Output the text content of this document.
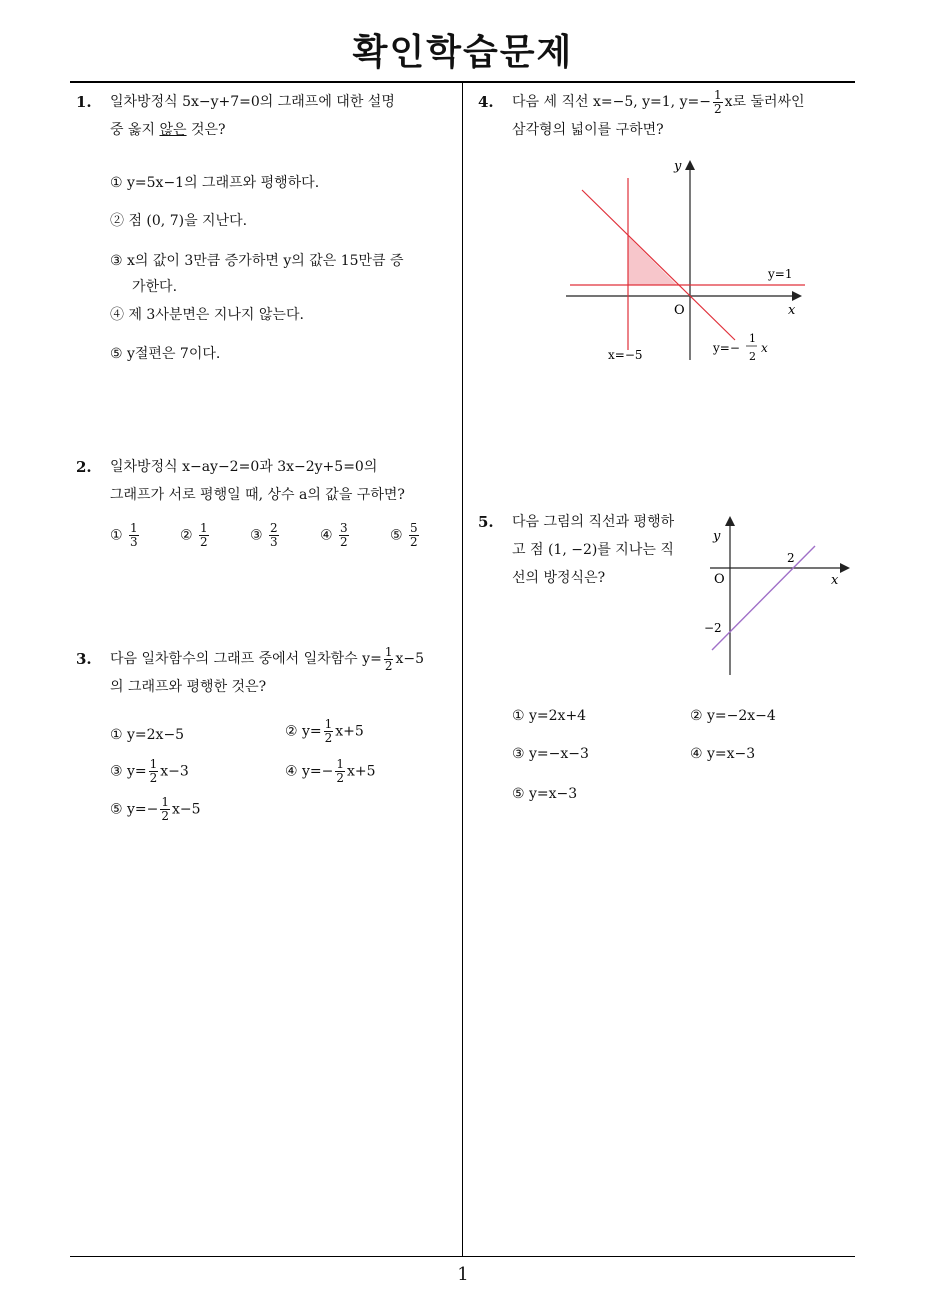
확인학습문제
1
1. 일차방정식 5x−y+7=0의 그래프에 대한 설명
중 옳지 않은 것은?
① y=5x−1의 그래프와 평행하다.
② 점 (0, 7)을 지난다.
③ x의 값이 3만큼 증가하면 y의 값은 15만큼 증
가한다.
④ 제 3사분면은 지나지 않는다.
⑤ y절편은 7이다.
2. 일차방정식 x−ay−2=0과 3x−2y+5=0의
그래프가 서로 평행일 때, 상수 a의 값을 구하면?
① $\frac{1}{3}$	② $\frac{1}{2}$	③ $\frac{2}{3}$	④ $\frac{3}{2}$	⑤ $\frac{5}{2}$
3. 다음 일차함수의 그래프 중에서 일차함수 $y= \frac{1}{2} x-5$
의 그래프와 평행한 것은?
① y=2x−5	② $y= \frac{1}{2} x+5$
③ $y= \frac{1}{2} x-3$	④ $y=- \frac{1}{2} x+5$
⑤ $y=- \frac{1}{2} x-5$
4. 다음 세 직선 x=−5, y=1, $y=- \frac{1}{2}$ x로 둘러싸인
삼각형의 넓이를 구하면?
y
x
O
y=1
x=−5	y=−
1
2
x
5. 다음 그림의 직선과 평행하
고 점 (1, −2)를 지나는 직
선의 방정식은?
y
x
O
2
−2
① y=2x+4	② y=−2x−4
③ y=−x−3	④ y=x−3
⑤ y=x−3
